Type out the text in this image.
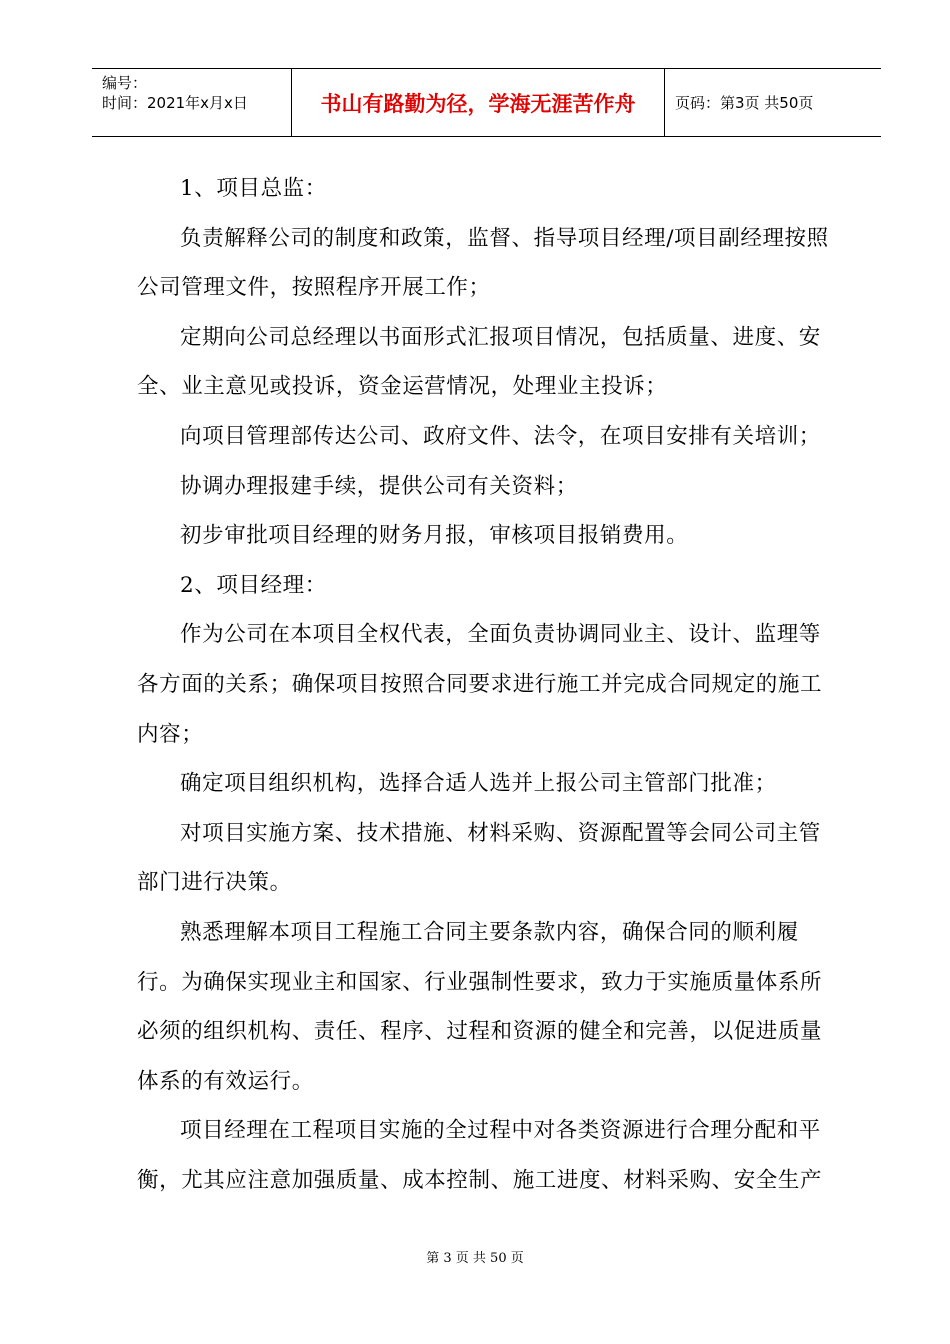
编号：
时间：2021年x月x日	书山有路勤为径，学海无涯苦作舟	页码：第3页 共50页

1、项目总监：

负责解释公司的制度和政策，监督、指导项目经理/项目副经理按照公司管理文件，按照程序开展工作；

定期向公司总经理以书面形式汇报项目情况，包括质量、进度、安全、业主意见或投诉，资金运营情况，处理业主投诉；

向项目管理部传达公司、政府文件、法令，在项目安排有关培训；

协调办理报建手续，提供公司有关资料；

初步审批项目经理的财务月报，审核项目报销费用。

2、项目经理：

作为公司在本项目全权代表，全面负责协调同业主、设计、监理等各方面的关系；确保项目按照合同要求进行施工并完成合同规定的施工内容；

确定项目组织机构，选择合适人选并上报公司主管部门批准；

对项目实施方案、技术措施、材料采购、资源配置等会同公司主管部门进行决策。

熟悉理解本项目工程施工合同主要条款内容，确保合同的顺利履行。为确保实现业主和国家、行业强制性要求，致力于实施质量体系所必须的组织机构、责任、程序、过程和资源的健全和完善，以促进质量体系的有效运行。

项目经理在工程项目实施的全过程中对各类资源进行合理分配和平衡，尤其应注意加强质量、成本控制、施工进度、材料采购、安全生产

第 3 页 共 50 页
